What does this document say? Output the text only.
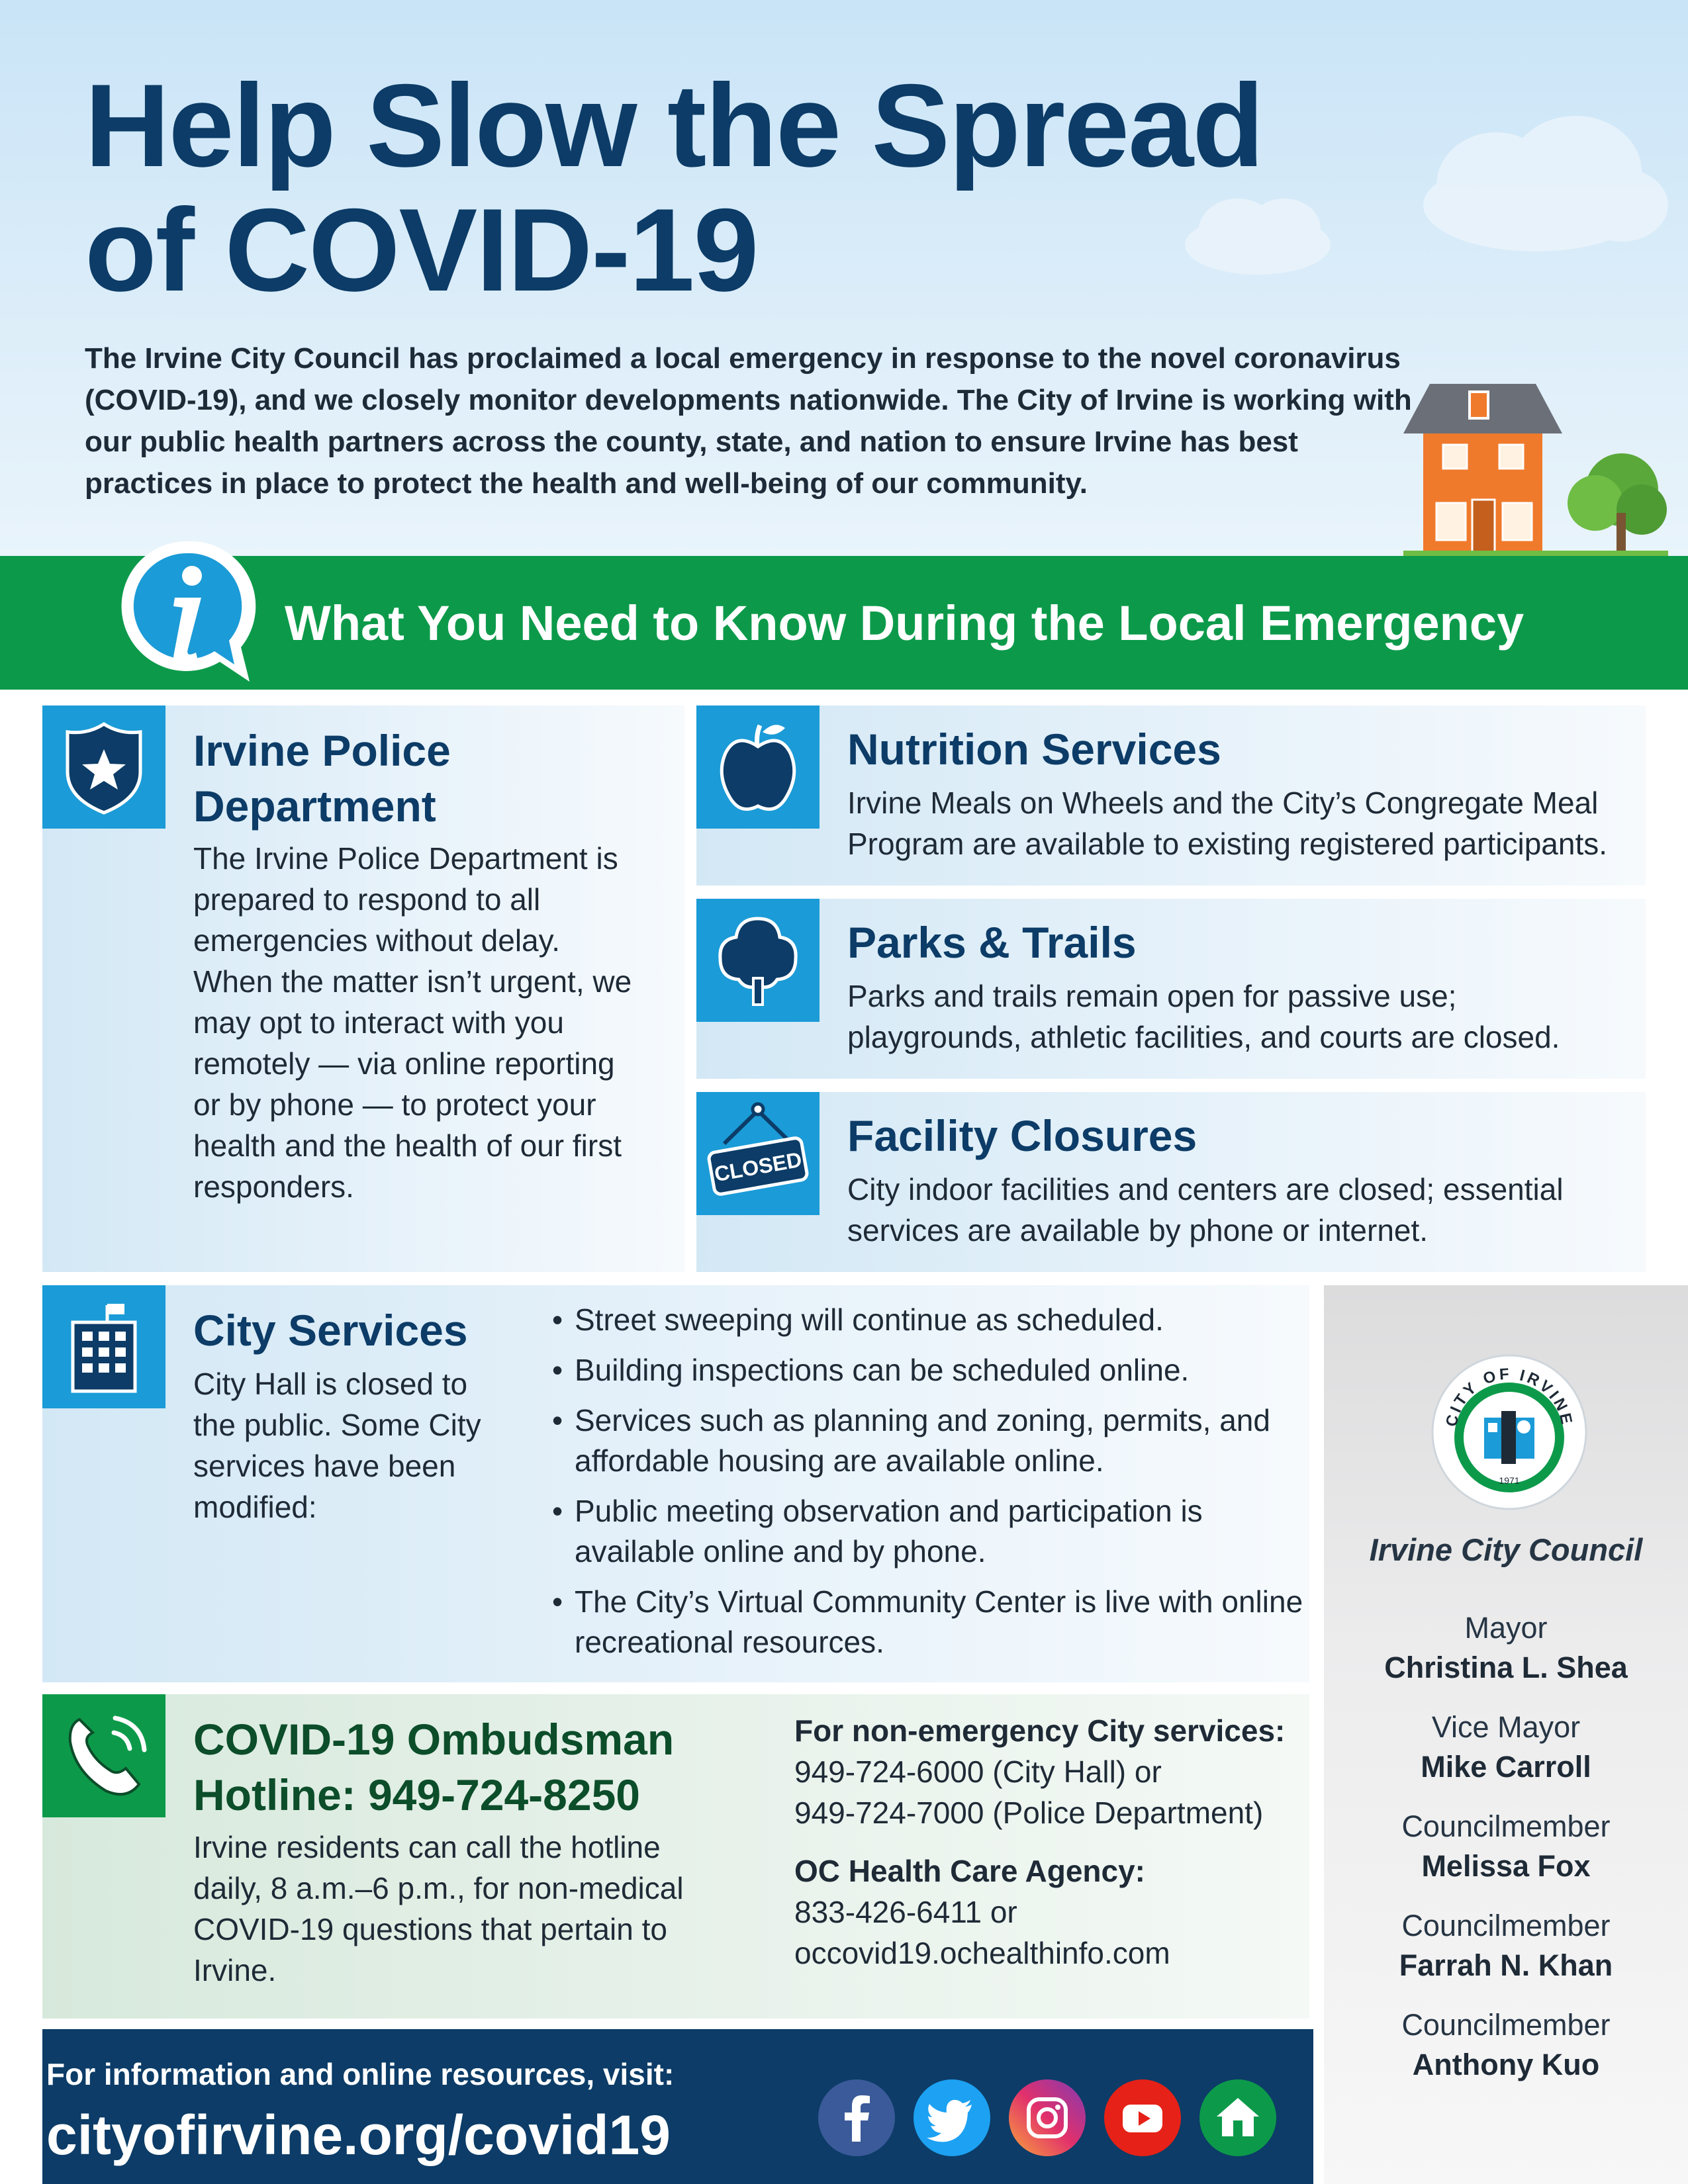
Help Slow the Spread
of COVID-19

The Irvine City Council has proclaimed a local emergency in response to the novel coronavirus (COVID-19), and we closely monitor developments nationwide. The City of Irvine is working with our public health partners across the county, state, and nation to ensure Irvine has best practices in place to protect the health and well-being of our community.

What You Need to Know During the Local Emergency

Irvine Police
Department

The Irvine Police Department is prepared to respond to all emergencies without delay. When the matter isn’t urgent, we may opt to interact with you remotely — via online reporting or by phone — to protect your health and the health of our first responders.

Nutrition Services

Irvine Meals on Wheels and the City’s Congregate Meal Program are available to existing registered participants.

Parks & Trails

Parks and trails remain open for passive use; playgrounds, athletic facilities, and courts are closed.

CLOSED
Facility Closures

City indoor facilities and centers are closed; essential services are available by phone or internet.

City Services

City Hall is closed to the public. Some City services have been modified:

• Street sweeping will continue as scheduled.
• Building inspections can be scheduled online.
• Services such as planning and zoning, permits, and affordable housing are available online.
• Public meeting observation and participation is available online and by phone.
• The City’s Virtual Community Center is live with online recreational resources.
COVID-19 Ombudsman
Hotline: 949-724-8250

Irvine residents can call the hotline daily, 8 a.m.–6 p.m., for non-medical COVID-19 questions that pertain to Irvine.

For non-emergency City services:

949-724-6000 (City Hall) or

949-724-7000 (Police Department)

OC Health Care Agency:

833-426-6411 or

occovid19.ochealthinfo.com

CITY OF IRVINE
1971

Irvine City Council

Mayor
Christina L. Shea
Vice Mayor
Mike Carroll
Councilmember
Melissa Fox
Councilmember
Farrah N. Khan
Councilmember
Anthony Kuo

For information and online resources, visit:

cityofirvine.org/covid19
